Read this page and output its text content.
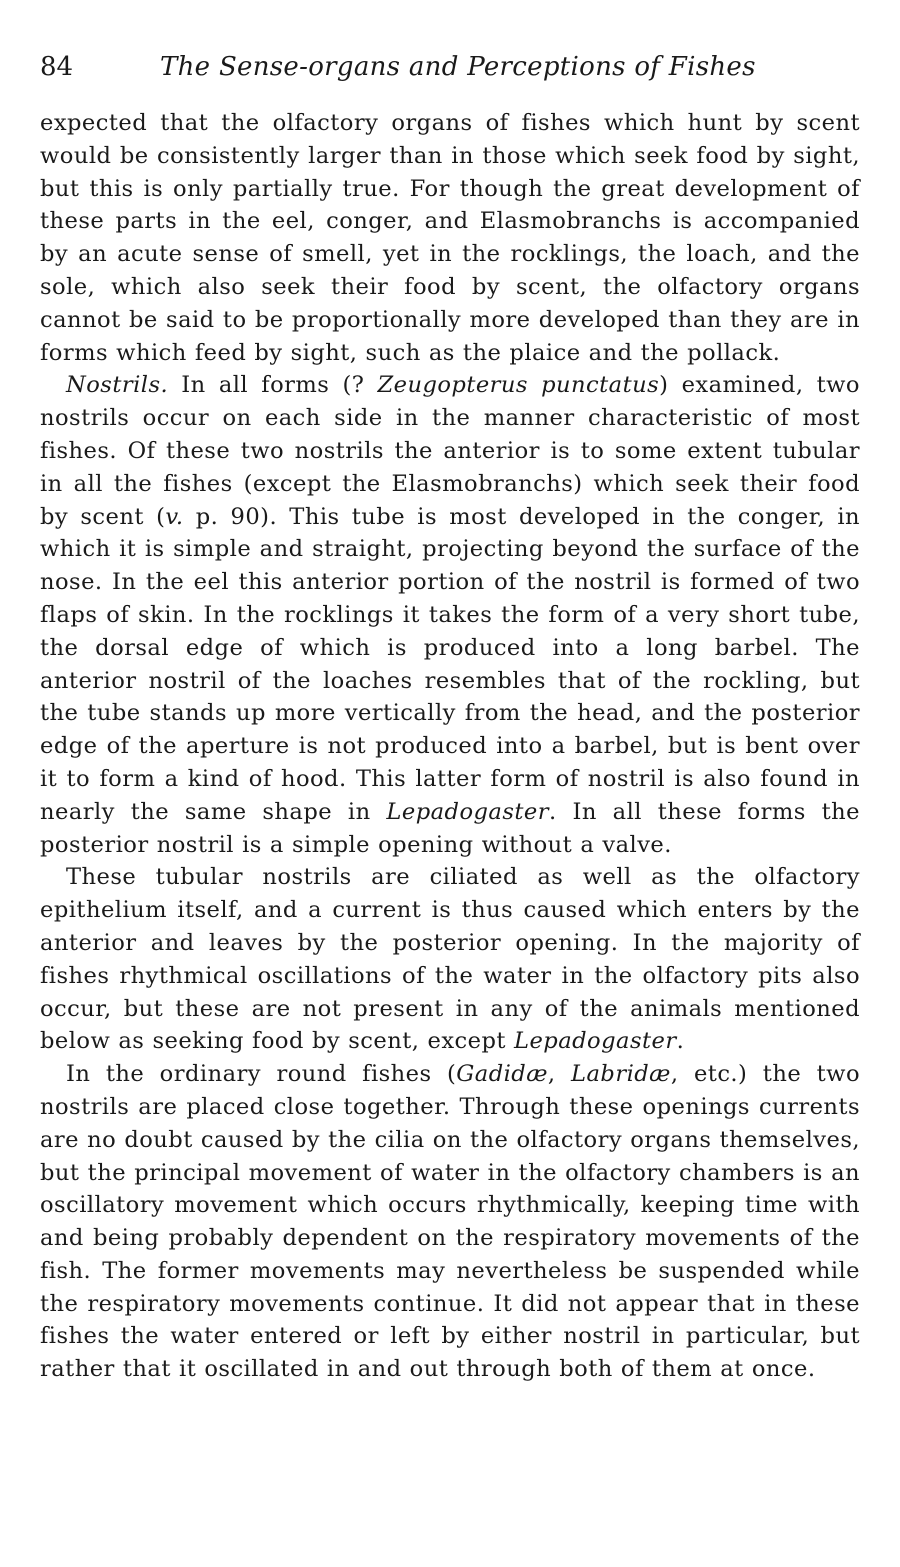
84	The Sense-organs and Perceptions of Fishes

expected that the olfactory organs of fishes which hunt by scent would be consistently larger than in those which seek food by sight, but this is only partially true. For though the great development of these parts in the eel, conger, and Elasmobranchs is accompanied by an acute sense of smell, yet in the rocklings, the loach, and the sole, which also seek their food by scent, the olfactory organs cannot be said to be proportionally more developed than they are in forms which feed by sight, such as the plaice and the pollack.

Nostrils. In all forms (? Zeugopterus punctatus) examined, two nostrils occur on each side in the manner characteristic of most fishes. Of these two nostrils the anterior is to some extent tubular in all the fishes (except the Elasmobranchs) which seek their food by scent (v. p. 90). This tube is most developed in the conger, in which it is simple and straight, projecting beyond the surface of the nose. In the eel this anterior portion of the nostril is formed of two flaps of skin. In the rocklings it takes the form of a very short tube, the dorsal edge of which is produced into a long barbel. The anterior nostril of the loaches resembles that of the rockling, but the tube stands up more vertically from the head, and the posterior edge of the aperture is not produced into a barbel, but is bent over it to form a kind of hood. This latter form of nostril is also found in nearly the same shape in Lepadogaster. In all these forms the posterior nostril is a simple opening without a valve.

These tubular nostrils are ciliated as well as the olfactory epithelium itself, and a current is thus caused which enters by the anterior and leaves by the posterior opening. In the majority of fishes rhythmical oscillations of the water in the olfactory pits also occur, but these are not present in any of the animals mentioned below as seeking food by scent, except Lepadogaster.

In the ordinary round fishes (Gadidæ, Labridæ, etc.) the two nostrils are placed close together. Through these openings currents are no doubt caused by the cilia on the olfactory organs themselves, but the principal movement of water in the olfactory chambers is an oscillatory movement which occurs rhythmically, keeping time with and being probably dependent on the respiratory movements of the fish. The former movements may nevertheless be suspended while the respiratory movements continue. It did not appear that in these fishes the water entered or left by either nostril in particular, but rather that it oscillated in and out through both of them at once.
